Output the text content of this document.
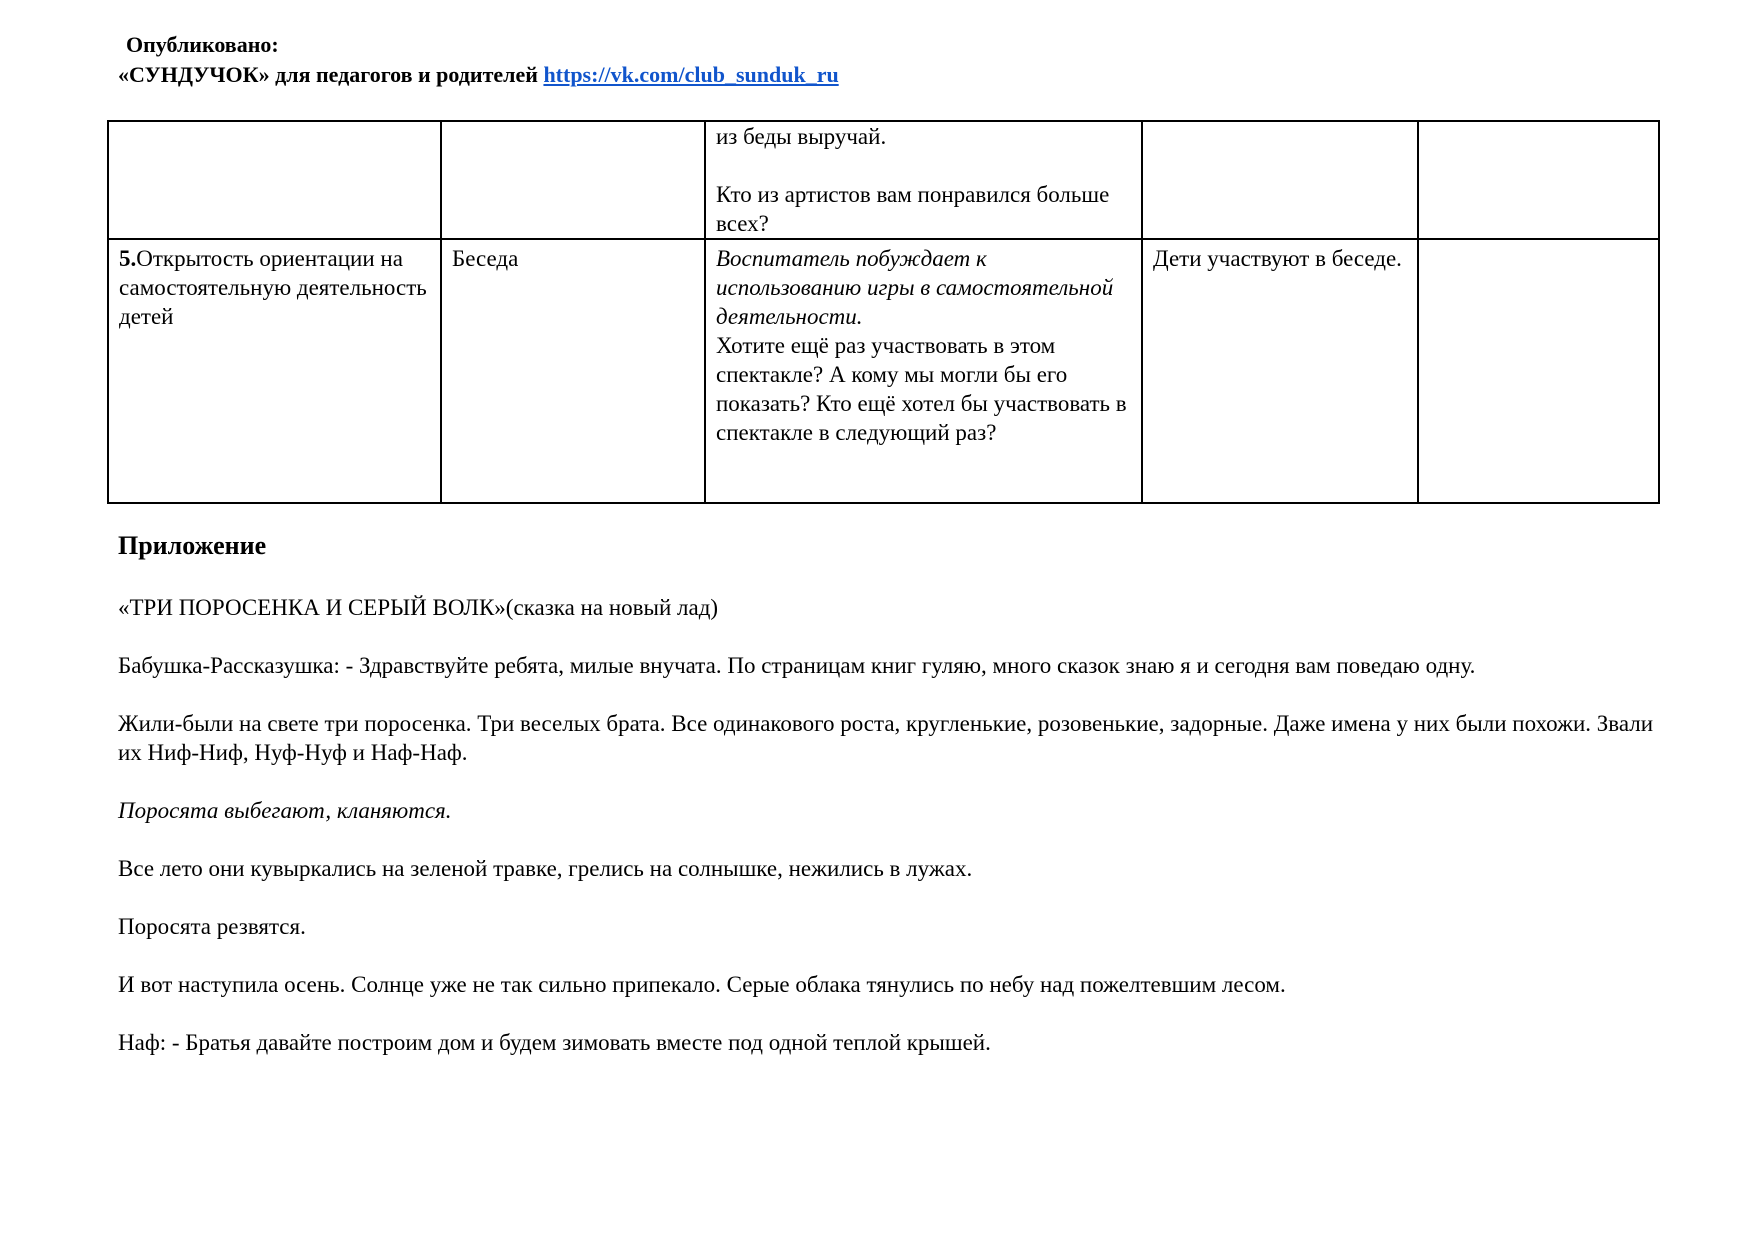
Опубликовано:
«СУНДУЧОК» для педагогов и родителей https://vk.com/club_sunduk_ru

		из беды выручай.
Кто из артистов вам понравился больше всех?		

5.Открытость ориентации на самостоятельную деятельность детей	Беседа	Воспитатель побуждает к использованию игры в самостоятельной деятельности.
Хотите ещё раз участвовать в этом спектакле? А кому мы могли бы его показать? Кто ещё хотел бы участвовать в спектакле в следующий раз?	Дети участвуют в беседе.	
Приложение

«ТРИ ПОРОСЕНКА И СЕРЫЙ ВОЛК»(сказка на новый лад)

Бабушка-Рассказушка: - Здравствуйте ребята, милые внучата. По страницам книг гуляю, много сказок знаю я и сегодня вам поведаю одну.

Жили-были на свете три поросенка. Три веселых брата. Все одинакового роста, кругленькие, розовенькие, задорные. Даже имена у них были похожи. Звали их Ниф-Ниф, Нуф-Нуф и Наф-Наф.

Поросята выбегают, кланяются.

Все лето они кувыркались на зеленой травке, грелись на солнышке, нежились в лужах.

Поросята резвятся.

И вот наступила осень. Солнце уже не так сильно припекало. Серые облака тянулись по небу над пожелтевшим лесом.

Наф: - Братья давайте построим дом и будем зимовать вместе под одной теплой крышей.
